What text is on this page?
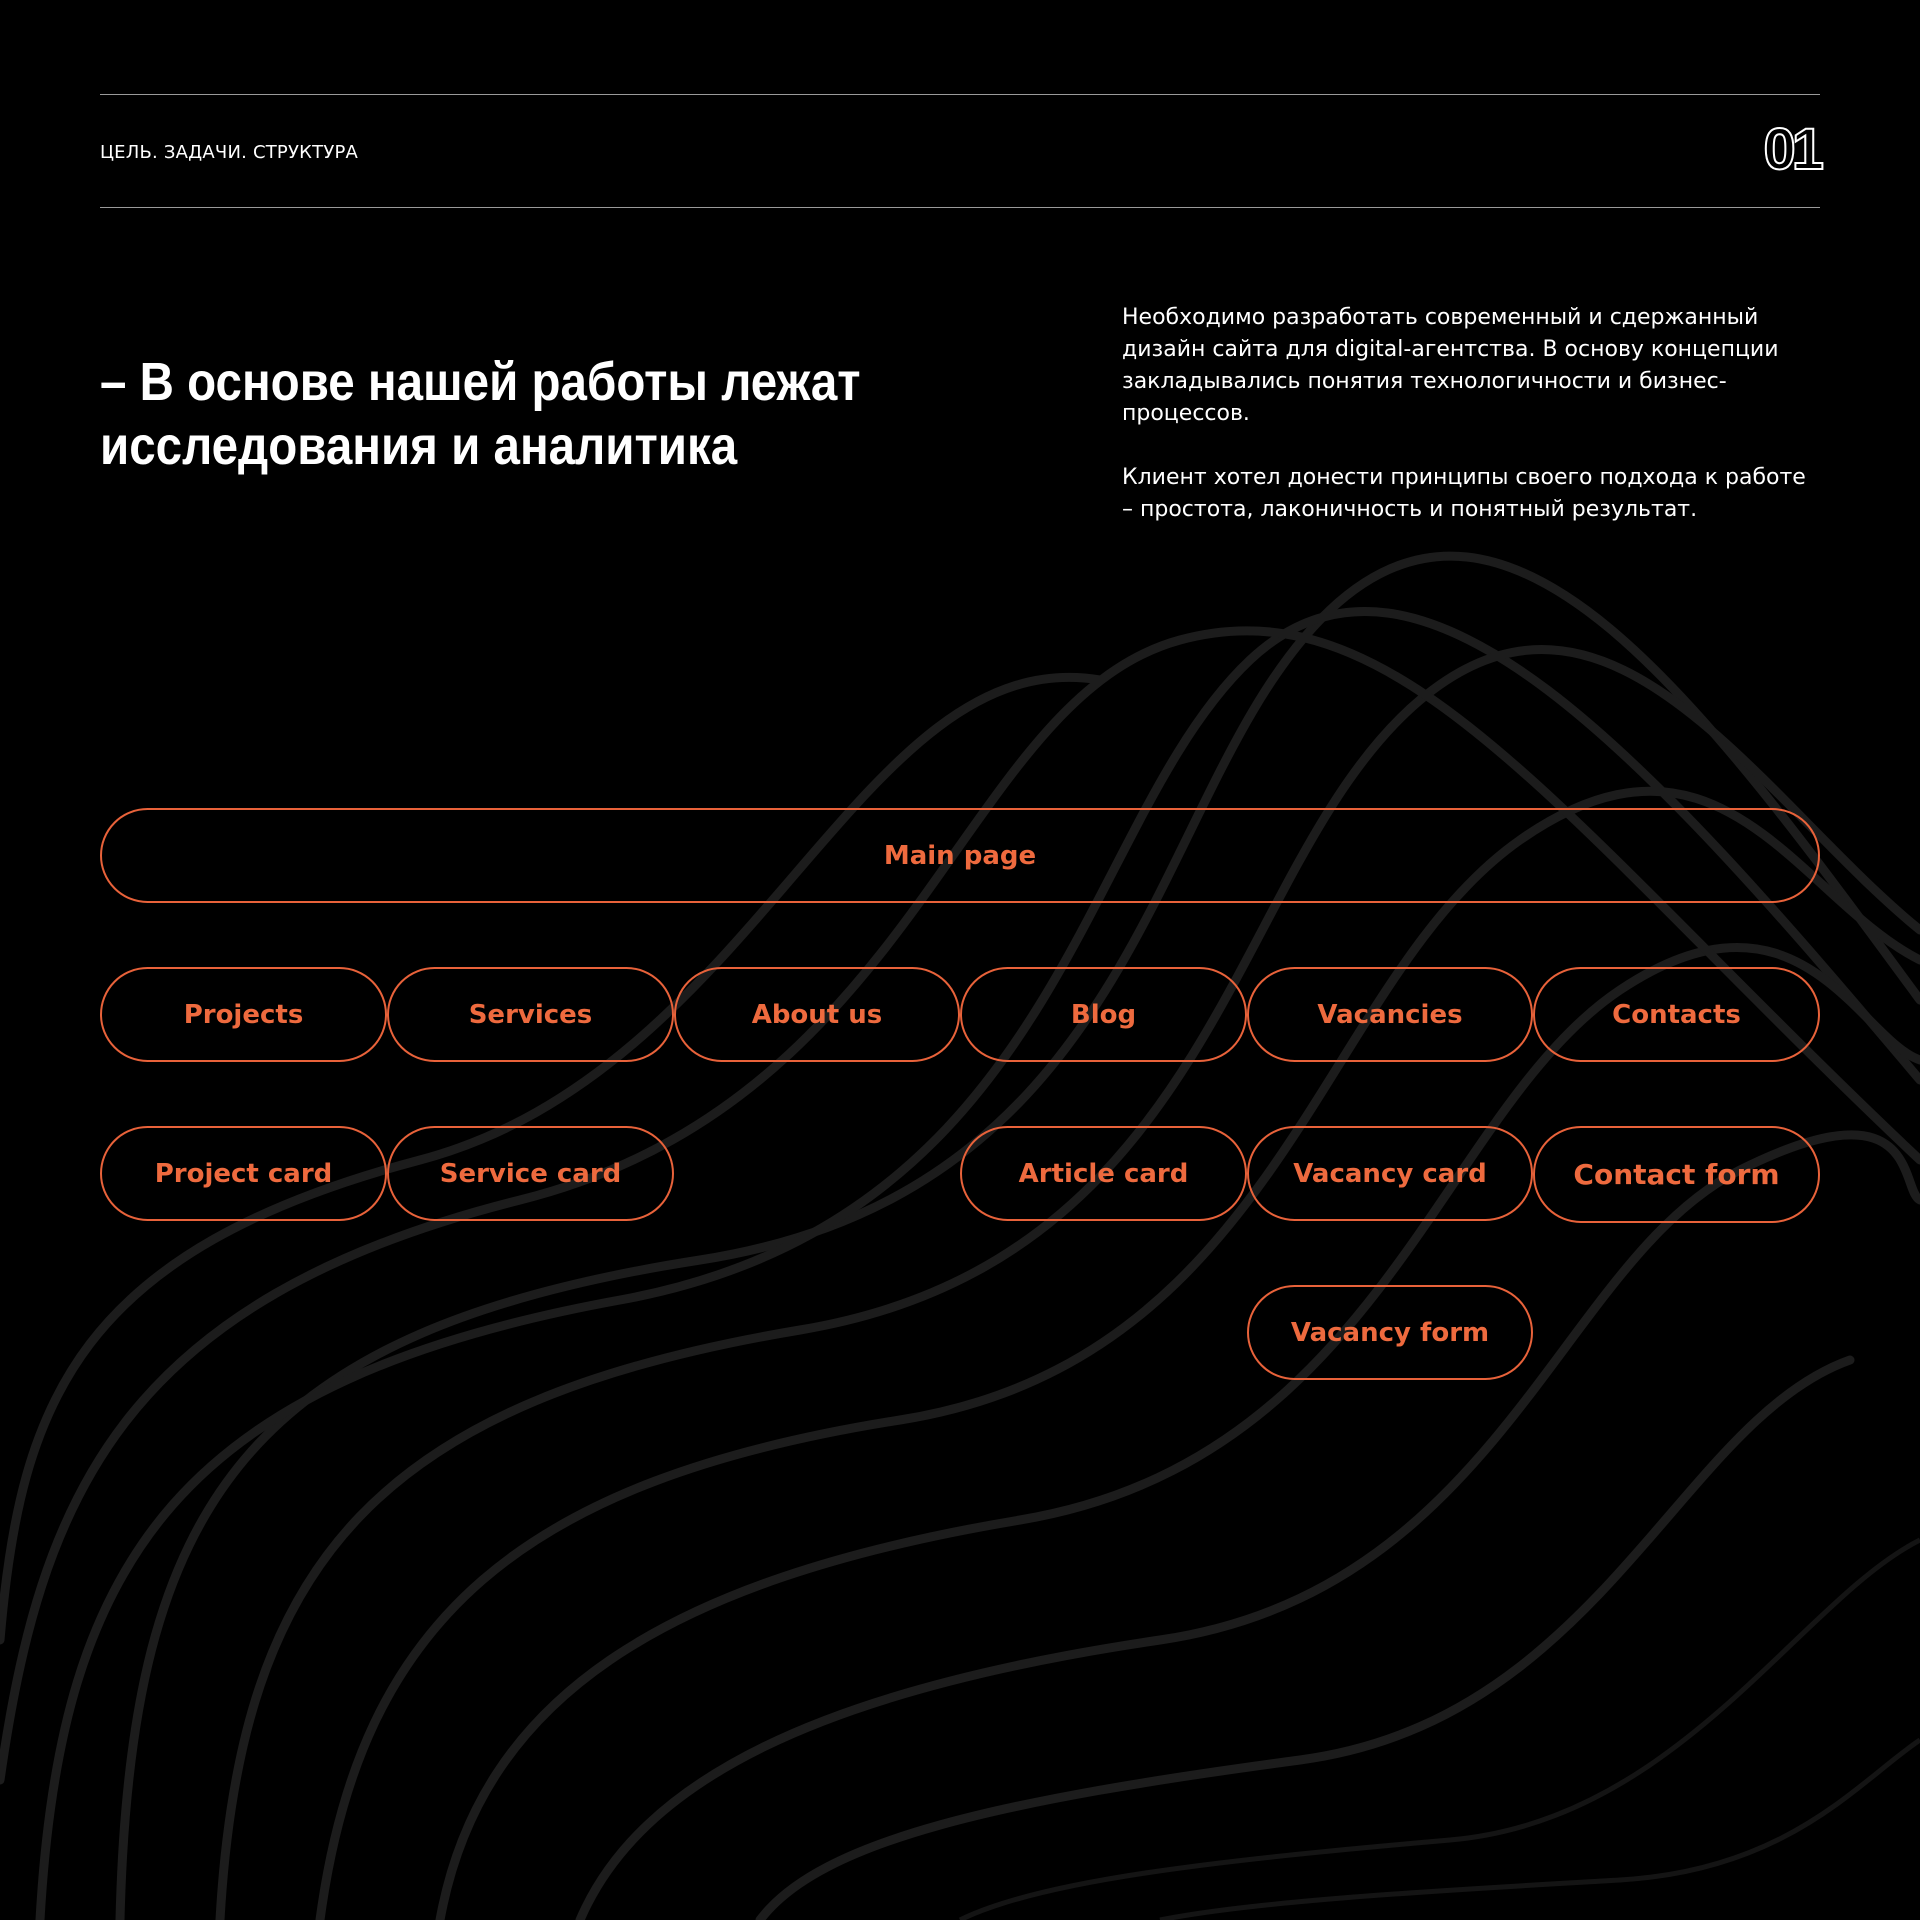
ЦЕЛЬ. ЗАДАЧИ. СТРУКТУРА	01
– В основе нашей работы лежат
исследования и аналитика

Необходимо разработать современный и сдержанный дизайн сайта для digital-агентства. В основу концепции закладывались понятия технологичности и бизнес-процессов.

Клиент хотел донести принципы своего подхода к работе – простота, лаконичность и понятный результат.

Main page
Projects	Services	About us	Blog	Vacancies	Contacts
Project card	Service card	Article card	Vacancy card	Contact form
Vacancy form
